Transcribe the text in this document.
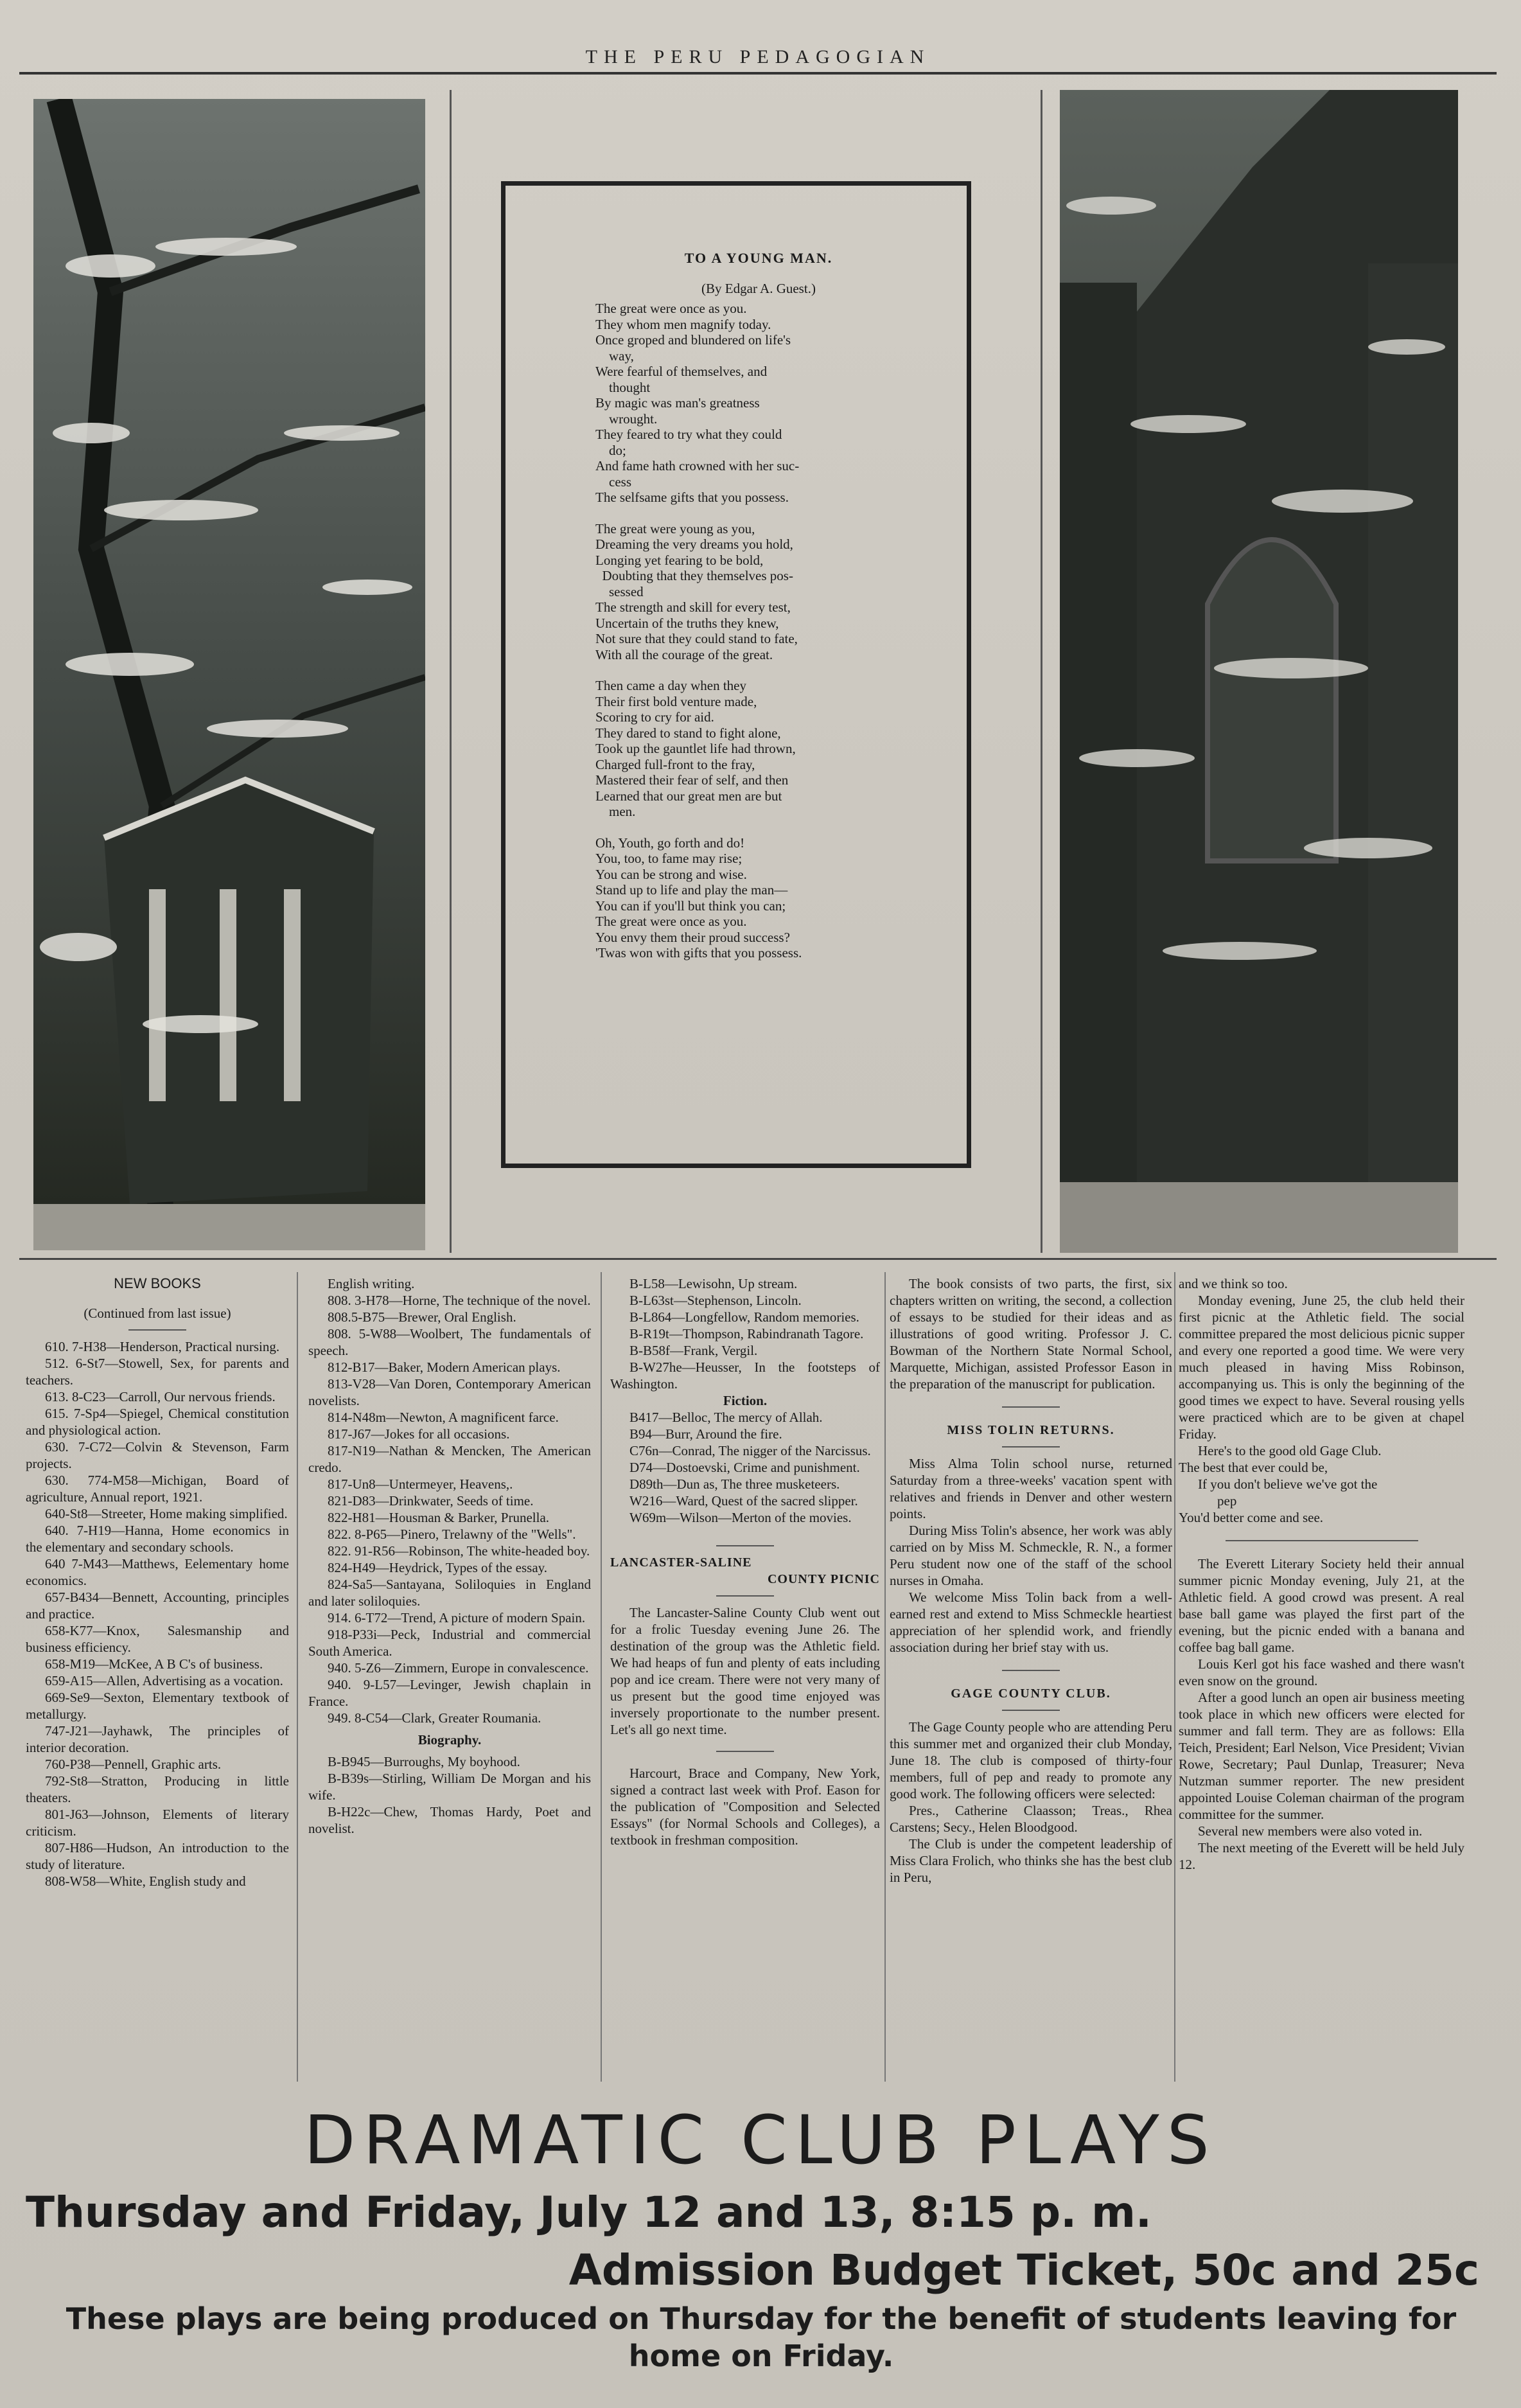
THE PERU PEDAGOGIAN
TO A YOUNG MAN.
(By Edgar A. Guest.)
The great were once as you.
They whom men magnify today.
Once groped and blundered on life's
way,
Were fearful of themselves, and
thought
By magic was man's greatness
wrought.
They feared to try what they could
do;
And fame hath crowned with her suc-
cess
The selfsame gifts that you possess.
The great were young as you,
Dreaming the very dreams you hold,
Longing yet fearing to be bold,
Doubting that they themselves pos-
sessed
The strength and skill for every test,
Uncertain of the truths they knew,
Not sure that they could stand to fate,
With all the courage of the great.
Then came a day when they
Their first bold venture made,
Scoring to cry for aid.
They dared to stand to fight alone,
Took up the gauntlet life had thrown,
Charged full-front to the fray,
Mastered their fear of self, and then
Learned that our great men are but
men.
Oh, Youth, go forth and do!
You, too, to fame may rise;
You can be strong and wise.
Stand up to life and play the man—
You can if you'll but think you can;
The great were once as you.
You envy them their proud success?
'Twas won with gifts that you possess.
NEW BOOKS
(Continued from last issue)

610. 7-H38—Henderson, Practical nursing.

512. 6-St7—Stowell, Sex, for parents and teachers.

613. 8-C23—Carroll, Our nervous friends.

615. 7-Sp4—Spiegel, Chemical constitution and physiological action.

630. 7-C72—Colvin & Stevenson, Farm projects.

630. 774-M58—Michigan, Board of agriculture, Annual report, 1921.

640-St8—Streeter, Home making simplified.

640. 7-H19—Hanna, Home economics in the elementary and secondary schools.

640 7-M43—Matthews, Eelementary home economics.

657-B434—Bennett, Accounting, principles and practice.

658-K77—Knox, Salesmanship and business efficiency.

658-M19—McKee, A B C's of business.

659-A15—Allen, Advertising as a vocation.

669-Se9—Sexton, Elementary textbook of metallurgy.

747-J21—Jayhawk, The principles of interior decoration.

760-P38—Pennell, Graphic arts.

792-St8—Stratton, Producing in little theaters.

801-J63—Johnson, Elements of literary criticism.

807-H86—Hudson, An introduction to the study of literature.

808-W58—White, English study and

English writing.

808. 3-H78—Horne, The technique of the novel.

808.5-B75—Brewer, Oral English.

808. 5-W88—Woolbert, The fundamentals of speech.

812-B17—Baker, Modern American plays.

813-V28—Van Doren, Contemporary American novelists.

814-N48m—Newton, A magnificent farce.

817-J67—Jokes for all occasions.

817-N19—Nathan & Mencken, The American credo.

817-Un8—Untermeyer, Heavens,.

821-D83—Drinkwater, Seeds of time.

822-H81—Housman & Barker, Prunella.

822. 8-P65—Pinero, Trelawny of the "Wells".

822. 91-R56—Robinson, The white-headed boy.

824-H49—Heydrick, Types of the essay.

824-Sa5—Santayana, Soliloquies in England and later soliloquies.

914. 6-T72—Trend, A picture of modern Spain.

918-P33i—Peck, Industrial and commercial South America.

940. 5-Z6—Zimmern, Europe in convalescence.

940. 9-L57—Levinger, Jewish chaplain in France.

949. 8-C54—Clark, Greater Roumania.

Biography.

B-B945—Burroughs, My boyhood.

B-B39s—Stirling, William De Morgan and his wife.

B-H22c—Chew, Thomas Hardy, Poet and novelist.

B-L58—Lewisohn, Up stream.

B-L63st—Stephenson, Lincoln.

B-L864—Longfellow, Random memories.

B-R19t—Thompson, Rabindranath Tagore.

B-B58f—Frank, Vergil.

B-W27he—Heusser, In the footsteps of Washington.

Fiction.

B417—Belloc, The mercy of Allah.

B94—Burr, Around the fire.

C76n—Conrad, The nigger of the Narcissus.

D74—Dostoevski, Crime and punishment.

D89th—Dun as, The three musketeers.

W216—Ward, Quest of the sacred slipper.

W69m—Wilson—Merton of the movies.

LANCASTER-SALINE
COUNTY PICNIC

The Lancaster-Saline County Club went out for a frolic Tuesday evening June 26. The destination of the group was the Athletic field. We had heaps of fun and plenty of eats including pop and ice cream. There were not very many of us present but the good time enjoyed was inversely proportionate to the number present. Let's all go next time.

Harcourt, Brace and Company, New York, signed a contract last week with Prof. Eason for the publication of "Composition and Selected Essays" (for Normal Schools and Colleges), a textbook in freshman composition.

The book consists of two parts, the first, six chapters written on writing, the second, a collection of essays to be studied for their ideas and as illustrations of good writing. Professor J. C. Bowman of the Northern State Normal School, Marquette, Michigan, assisted Professor Eason in the preparation of the manuscript for publication.

MISS TOLIN RETURNS.

Miss Alma Tolin school nurse, returned Saturday from a three-weeks' vacation spent with relatives and friends in Denver and other western points.

During Miss Tolin's absence, her work was ably carried on by Miss M. Schmeckle, R. N., a former Peru student now one of the staff of the school nurses in Omaha.

We welcome Miss Tolin back from a well-earned rest and extend to Miss Schmeckle heartiest appreciation of her splendid work, and friendly association during her brief stay with us.

GAGE COUNTY CLUB.

The Gage County people who are attending Peru this summer met and organized their club Monday, June 18. The club is composed of thirty-four members, full of pep and ready to promote any good work. The following officers were selected:

Pres., Catherine Claasson; Treas., Rhea Carstens; Secy., Helen Bloodgood.

The Club is under the competent leadership of Miss Clara Frolich, who thinks she has the best club in Peru,

and we think so too.

Monday evening, June 25, the club held their first picnic at the Athletic field. The social committee prepared the most delicious picnic supper and every one reported a good time. We were very much pleased in having Miss Robinson, accompanying us. This is only the beginning of the good times we expect to have. Several rousing yells were practiced which are to be given at chapel Friday.

Here's to the good old Gage Club.

The best that ever could be,

If you don't believe we've got the

pep

You'd better come and see.

The Everett Literary Society held their annual summer picnic Monday evening, July 21, at the Athletic field. A good crowd was present. A real base ball game was played the first part of the evening, but the picnic ended with a banana and coffee bag ball game.

Louis Kerl got his face washed and there wasn't even snow on the ground.

After a good lunch an open air business meeting took place in which new officers were elected for summer and fall term. They are as follows: Ella Teich, President; Earl Nelson, Vice President; Vivian Rowe, Secretary; Paul Dunlap, Treasurer; Neva Nutzman summer reporter. The new president appointed Louise Coleman chairman of the program committee for the summer.

Several new members were also voted in.

The next meeting of the Everett will be held July 12.

DRAMATIC CLUB PLAYS
Thursday and Friday, July 12 and 13, 8:15 p. m.
Admission Budget Ticket, 50c and 25c
These plays are being produced on Thursday for the benefit of students leaving for home on Friday.
